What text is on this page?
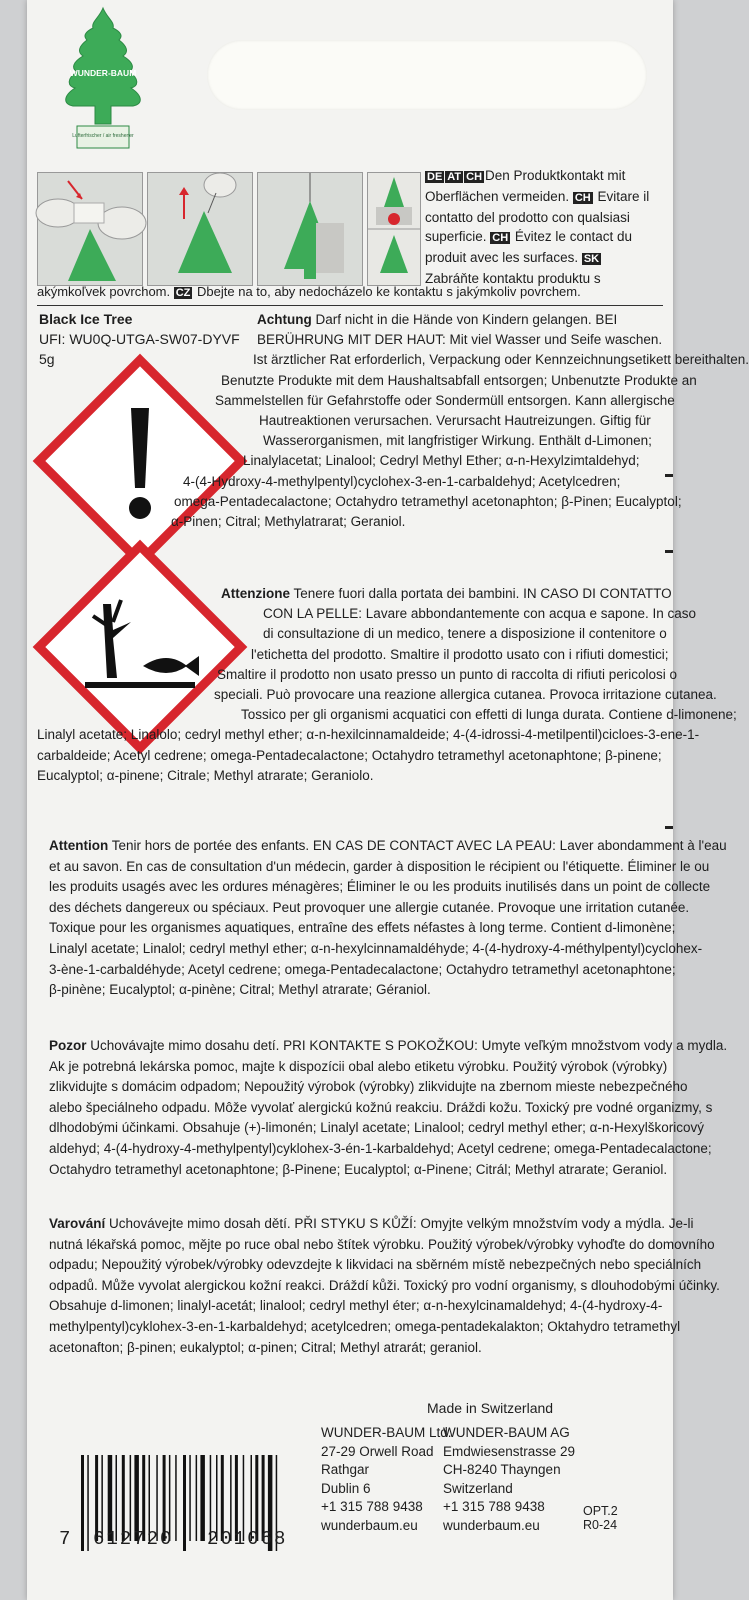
Lufterfrischer / air freshener
WUNDER-BAUM
DE AT CH Den Produktkontakt mit
Oberflächen vermeiden. CH Evitare il
contatto del prodotto con qualsiasi
superficie. CH Évitez le contact du
produit avec les surfaces. SK
Zabráňte kontaktu produktu s
akýmkoľvek povrchom. CZ Dbejte na to, aby nedocházelo ke kontaktu s jakýmkoliv povrchem.
Black Ice Tree
UFI: WU0Q-UTGA-SW07-DYVF
5g
Achtung Darf nicht in die Hände von Kindern gelangen. BEI
BERÜHRUNG MIT DER HAUT: Mit viel Wasser und Seife waschen.
Ist ärztlicher Rat erforderlich, Verpackung oder Kennzeichnungsetikett bereithalten.
Benutzte Produkte mit dem Haushaltsabfall entsorgen; Unbenutzte Produkte an
Sammelstellen für Gefahrstoffe oder Sondermüll entsorgen. Kann allergische
Hautreaktionen verursachen. Verursacht Hautreizungen. Giftig für
Wasserorganismen, mit langfristiger Wirkung. Enthält d-Limonen;
Linalylacetat; Linalool; Cedryl Methyl Ether; α-n-Hexylzimtaldehyd;
4-(4-Hydroxy-4-methylpentyl)cyclohex-3-en-1-carbaldehyd; Acetylcedren;
omega-Pentadecalactone; Octahydro tetramethyl acetonaphton; β-Pinen; Eucalyptol;
α-Pinen; Citral; Methylatrarat; Geraniol.
Attenzione Tenere fuori dalla portata dei bambini. IN CASO DI CONTATTO
CON LA PELLE: Lavare abbondantemente con acqua e sapone. In caso
di consultazione di un medico, tenere a disposizione il contenitore o
l'etichetta del prodotto. Smaltire il prodotto usato con i rifiuti domestici;
Smaltire il prodotto non usato presso un punto di raccolta di rifiuti pericolosi o
speciali. Può provocare una reazione allergica cutanea. Provoca irritazione cutanea.
Tossico per gli organismi acquatici con effetti di lunga durata. Contiene d-limonene;
Linalyl acetate; Linalolo; cedryl methyl ether; α-n-hexilcinnamaldeide; 4-(4-idrossi-4-metilpentil)cicloes-3-ene-1-
carbaldeide; Acetyl cedrene; omega-Pentadecalactone; Octahydro tetramethyl acetonaphtone; β-pinene;
Eucalyptol; α-pinene; Citrale; Methyl atrarate; Geraniolo.
Attention Tenir hors de portée des enfants. EN CAS DE CONTACT AVEC LA PEAU: Laver abondamment à l'eau
et au savon. En cas de consultation d'un médecin, garder à disposition le récipient ou l'étiquette. Éliminer le ou
les produits usagés avec les ordures ménagères; Éliminer le ou les produits inutilisés dans un point de collecte
des déchets dangereux ou spéciaux. Peut provoquer une allergie cutanée. Provoque une irritation cutanée.
Toxique pour les organismes aquatiques, entraîne des effets néfastes à long terme. Contient d-limonène;
Linalyl acetate; Linalol; cedryl methyl ether; α-n-hexylcinnamaldéhyde; 4-(4-hydroxy-4-méthylpentyl)cyclohex-
3-ène-1-carbaldéhyde; Acetyl cedrene; omega-Pentadecalactone; Octahydro tetramethyl acetonaphtone;
β-pinène; Eucalyptol; α-pinène; Citral; Methyl atrarate; Géraniol.
Pozor Uchovávajte mimo dosahu detí. PRI KONTAKTE S POKOŽKOU: Umyte veľkým množstvom vody a mydla.
Ak je potrebná lekárska pomoc, majte k dispozícii obal alebo etiketu výrobku. Použitý výrobok (výrobky)
zlikvidujte s domácim odpadom; Nepoužitý výrobok (výrobky) zlikvidujte na zbernom mieste nebezpečného
alebo špeciálneho odpadu. Môže vyvolať alergickú kožnú reakciu. Dráždi kožu. Toxický pre vodné organizmy, s
dlhodobými účinkami. Obsahuje (+)-limonén; Linalyl acetate; Linalool; cedryl methyl ether; α-n-Hexylškoricový
aldehyd; 4-(4-hydroxy-4-methylpentyl)cyklohex-3-én-1-karbaldehyd; Acetyl cedrene; omega-Pentadecalactone;
Octahydro tetramethyl acetonaphtone; β-Pinene; Eucalyptol; α-Pinene; Citrál; Methyl atrarate; Geraniol.
Varování Uchovávejte mimo dosah dětí. PŘI STYKU S KŮŽÍ: Omyjte velkým množstvím vody a mýdla. Je-li
nutná lékařská pomoc, mějte po ruce obal nebo štítek výrobku. Použitý výrobek/výrobky vyhoďte do domovního
odpadu; Nepoužitý výrobek/výrobky odevzdejte k likvidaci na sběrném místě nebezpečných nebo speciálních
odpadů. Může vyvolat alergickou kožní reakci. Dráždí kůži. Toxický pro vodní organismy, s dlouhodobými účinky.
Obsahuje d-limonen; linalyl-acetát; linalool; cedryl methyl éter; α-n-hexylcinamaldehyd; 4-(4-hydroxy-4-
methylpentyl)cyklohex-3-en-1-karbaldehyd; acetylcedren; omega-pentadekalakton; Oktahydro tetramethyl
acetonafton; β-pinen; eukalyptol; α-pinen; Citral; Methyl atrarát; geraniol.
Made in Switzerland
7 612720 201068
WUNDER-BAUM Ltd.
27-29 Orwell Road
Rathgar
Dublin 6
+1 315 788 9438
wunderbaum.eu
WUNDER-BAUM AG
Emdwiesenstrasse 29
CH-8240 Thayngen
Switzerland
+1 315 788 9438
wunderbaum.eu
OPT.2
R0-24
